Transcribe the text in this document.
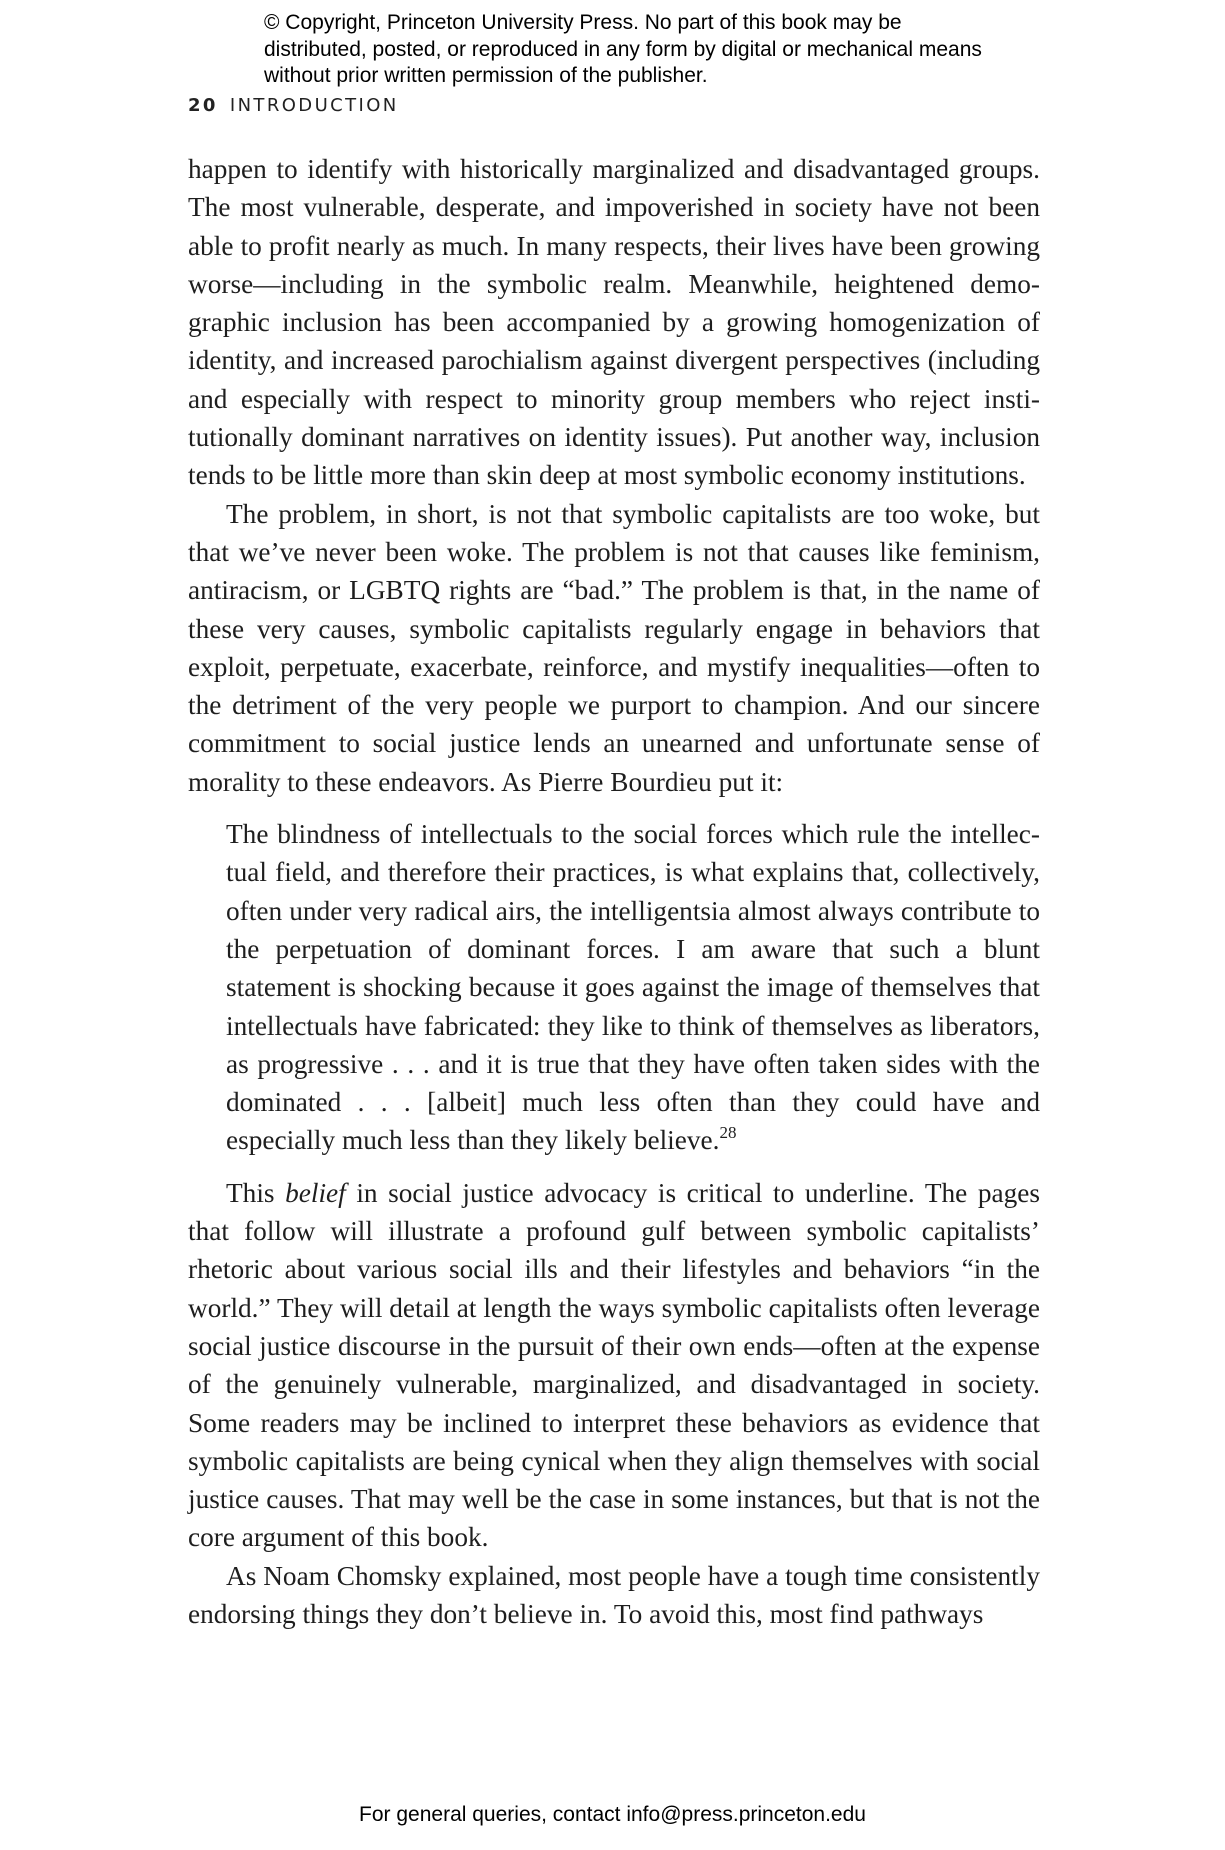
© Copyright, Princeton University Press. No part of this book may be distributed, posted, or reproduced in any form by digital or mechanical means without prior written permission of the publisher.
20 INTRODUCTION

happen to identify with historically marginalized and disadvantaged groups. The most vulnerable, desperate, and impoverished in society have not been able to profit nearly as much. In many respects, their lives have been growing worse—including in the symbolic realm. Meanwhile, heightened demographic inclusion has been accompanied by a growing homogenization of identity, and increased parochialism against divergent perspectives (including and especially with respect to minority group members who reject institutionally dominant narratives on identity issues). Put another way, inclusion tends to be little more than skin deep at most symbolic economy institutions.

The problem, in short, is not that symbolic capitalists are too woke, but that we’ve never been woke. The problem is not that causes like feminism, antiracism, or LGBTQ rights are “bad.” The problem is that, in the name of these very causes, symbolic capitalists regularly engage in behaviors that exploit, perpetuate, exacerbate, reinforce, and mystify inequalities—often to the detriment of the very people we purport to champion. And our sincere commitment to social justice lends an unearned and unfortunate sense of morality to these endeavors. As Pierre Bourdieu put it:

The blindness of intellectuals to the social forces which rule the intellectual field, and therefore their practices, is what explains that, collectively, often under very radical airs, the intelligentsia almost always contribute to the perpetuation of dominant forces. I am aware that such a blunt statement is shocking because it goes against the image of themselves that intellectuals have fabricated: they like to think of themselves as liberators, as progressive . . . and it is true that they have often taken sides with the dominated . . . [albeit] much less often than they could have and especially much less than they likely believe.$^{28}$

This belief in social justice advocacy is critical to underline. The pages that follow will illustrate a profound gulf between symbolic capitalists’ rhetoric about various social ills and their lifestyles and behaviors “in the world.” They will detail at length the ways symbolic capitalists often leverage social justice discourse in the pursuit of their own ends—often at the expense of the genuinely vulnerable, marginalized, and disadvantaged in society. Some readers may be inclined to interpret these behaviors as evidence that symbolic capitalists are being cynical when they align themselves with social justice causes. That may well be the case in some instances, but that is not the core argument of this book.

As Noam Chomsky explained, most people have a tough time consistently endorsing things they don’t believe in. To avoid this, most find pathways

For general queries, contact info@press.princeton.edu
